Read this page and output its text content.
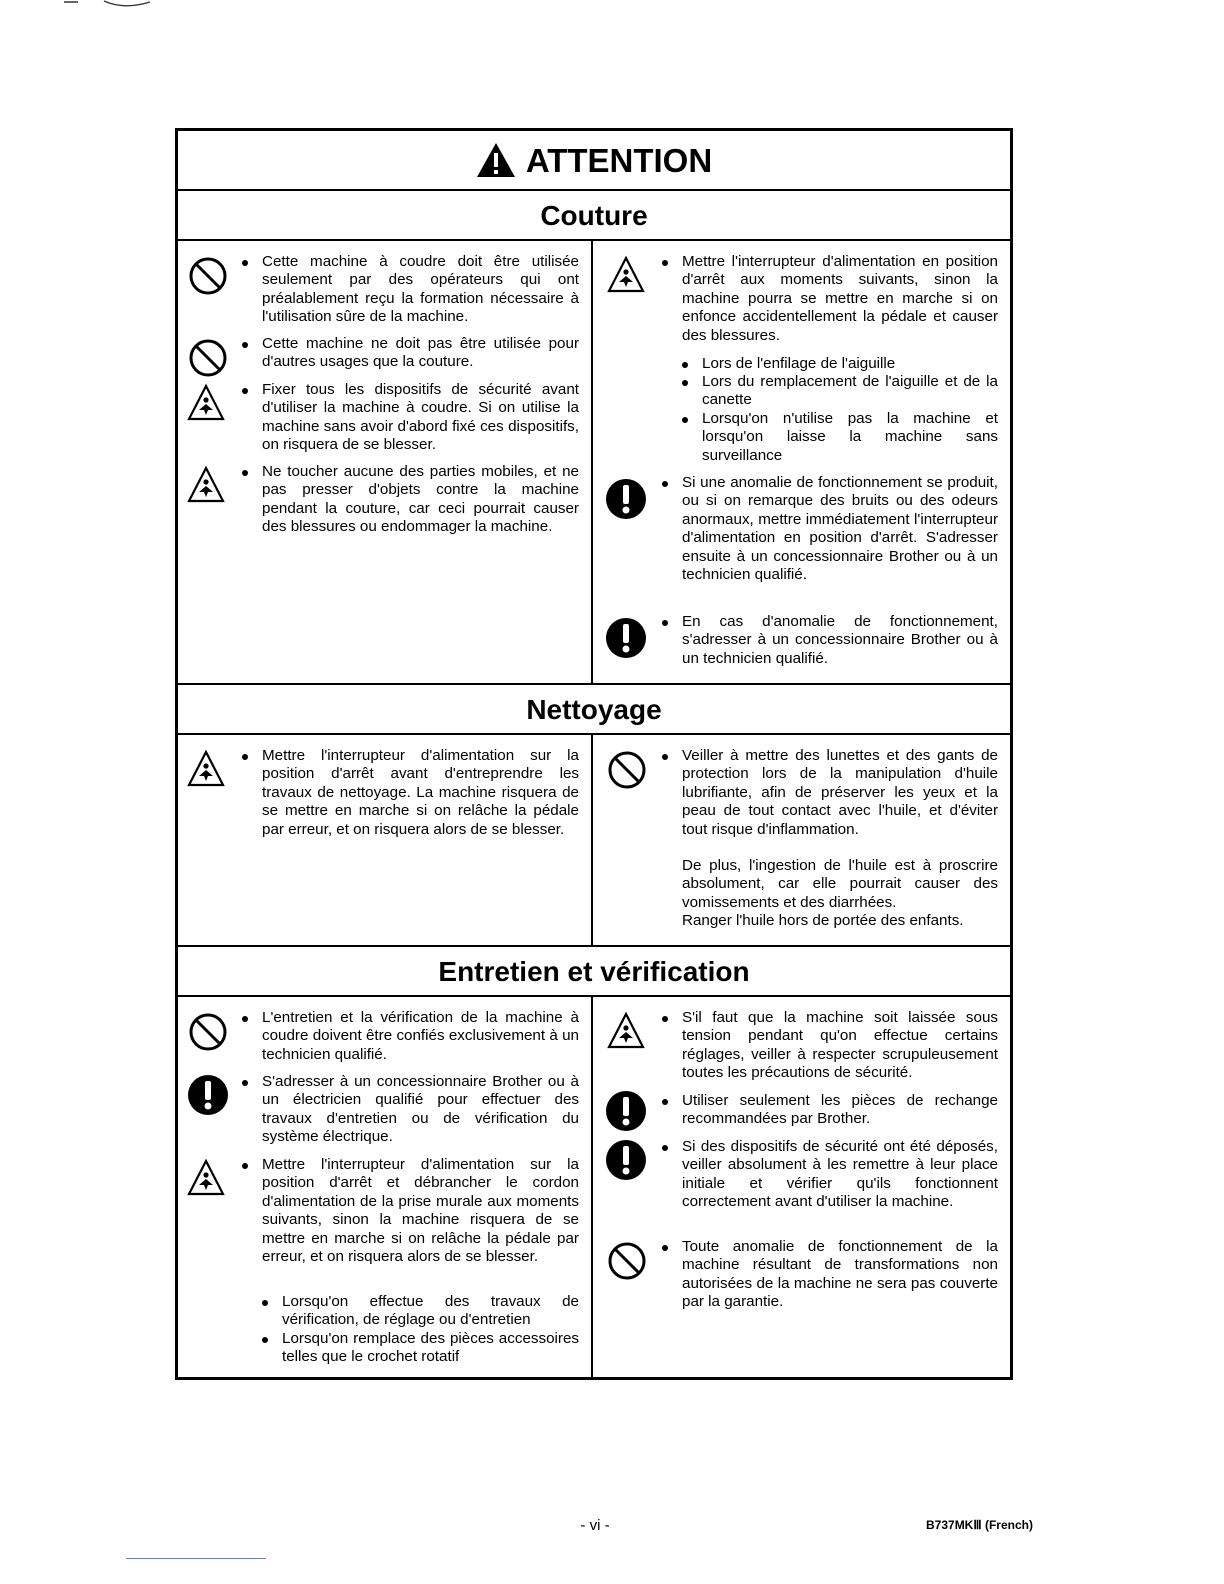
ATTENTION
Couture
Cette machine à coudre doit être utilisée seulement par des opérateurs qui ont préalablement reçu la formation nécessaire à l'utilisation sûre de la machine.
Cette machine ne doit pas être utilisée pour d'autres usages que la couture.
Fixer tous les dispositifs de sécurité avant d'utiliser la machine à coudre. Si on utilise la machine sans avoir d'abord fixé ces dispositifs, on risquera de se blesser.
Ne toucher aucune des parties mobiles, et ne pas presser d'objets contre la machine pendant la couture, car ceci pourrait causer des blessures ou endommager la machine.
Mettre l'interrupteur d'alimentation en position d'arrêt aux moments suivants, sinon la machine pourra se mettre en marche si on enfonce accidentellement la pédale et causer des blessures.
Lors de l'enfilage de l'aiguille
Lors du remplacement de l'aiguille et de la canette
Lorsqu'on n'utilise pas la machine et lorsqu'on laisse la machine sans surveillance
Si une anomalie de fonctionnement se produit, ou si on remarque des bruits ou des odeurs anormaux, mettre immédiatement l'interrupteur d'alimentation en position d'arrêt. S'adresser ensuite à un concessionnaire Brother ou à un technicien qualifié.
En cas d'anomalie de fonctionnement, s'adresser à un concessionnaire Brother ou à un technicien qualifié.
Nettoyage
Mettre l'interrupteur d'alimentation sur la position d'arrêt avant d'entreprendre les travaux de nettoyage. La machine risquera de se mettre en marche si on relâche la pédale par erreur, et on risquera alors de se blesser.
Veiller à mettre des lunettes et des gants de protection lors de la manipulation d'huile lubrifiante, afin de préserver les yeux et la peau de tout contact avec l'huile, et d'éviter tout risque d'inflammation.
De plus, l'ingestion de l'huile est à proscrire absolument, car elle pourrait causer des vomissements et des diarrhées.
Ranger l'huile hors de portée des enfants.
Entretien et vérification
L'entretien et la vérification de la machine à coudre doivent être confiés exclusivement à un technicien qualifié.
S'adresser à un concessionnaire Brother ou à un électricien qualifié pour effectuer des travaux d'entretien ou de vérification du système électrique.
Mettre l'interrupteur d'alimentation sur la position d'arrêt et débrancher le cordon d'alimentation de la prise murale aux moments suivants, sinon la machine risquera de se mettre en marche si on relâche la pédale par erreur, et on risquera alors de se blesser.
Lorsqu'on effectue des travaux de vérification, de réglage ou d'entretien
Lorsqu'on remplace des pièces accessoires telles que le crochet rotatif
S'il faut que la machine soit laissée sous tension pendant qu'on effectue certains réglages, veiller à respecter scrupuleusement toutes les précautions de sécurité.
Utiliser seulement les pièces de rechange recommandées par Brother.
Si des dispositifs de sécurité ont été déposés, veiller absolument à les remettre à leur place initiale et vérifier qu'ils fonctionnent correctement avant d'utiliser la machine.
Toute anomalie de fonctionnement de la machine résultant de transformations non autorisées de la machine ne sera pas couverte par la garantie.
- vi -	B737MKⅢ (French)
